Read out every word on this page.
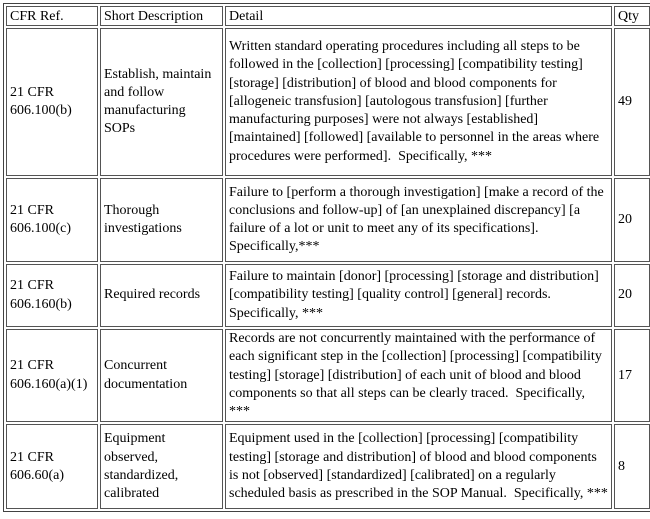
CFR Ref.	Short Description	Detail	Qty
21 CFR 606.100(b)	Establish, maintain and follow manufacturing SOPs	Written standard operating procedures including all steps to be followed in the [collection] [processing] [compatibility testing] [storage] [distribution] of blood and blood components for [allogeneic transfusion] [autologous transfusion] [further manufacturing purposes] were not always [established] [maintained] [followed] [available to personnel in the areas where procedures were performed].  Specifically, ***	49
21 CFR 606.100(c)	Thorough investigations	Failure to [perform a thorough investigation] [make a record of the conclusions and follow-up] of [an unexplained discrepancy] [a failure of a lot or unit to meet any of its specifications].  Specifically,***	20
21 CFR 606.160(b)	Required records	Failure to maintain [donor] [processing] [storage and distribution] [compatibility testing] [quality control] [general] records.  Specifically, ***	20
21 CFR 606.160(a)(1)	Concurrent documentation	Records are not concurrently maintained with the performance of each significant step in the [collection] [processing] [compatibility testing] [storage] [distribution] of each unit of blood and blood components so that all steps can be clearly traced.  Specifically, ***	17
21 CFR 606.60(a)	Equipment observed, standardized, calibrated	Equipment used in the [collection] [processing] [compatibility testing] [storage and distribution] of blood and blood components is not [observed] [standardized] [calibrated] on a regularly scheduled basis as prescribed in the SOP Manual.  Specifically, ***	8
